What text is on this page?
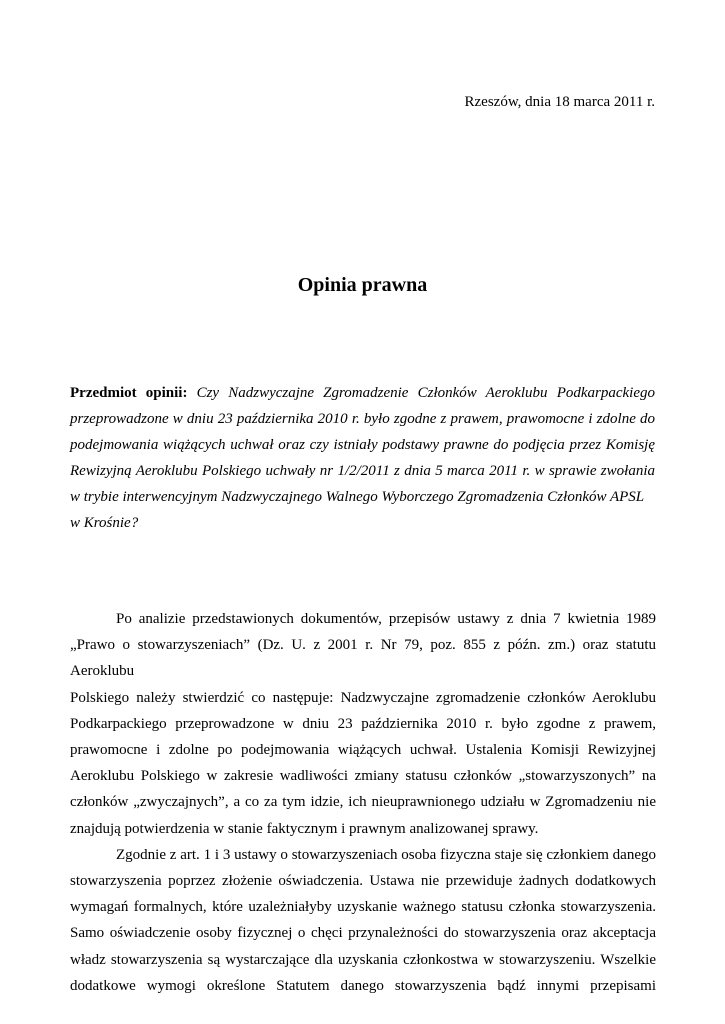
Rzeszów, dnia 18 marca 2011 r.
Opinia prawna
Przedmiot opinii: Czy Nadzwyczajne Zgromadzenie Członków Aeroklubu Podkarpackiego
przeprowadzone w dniu 23 października 2010 r. było zgodne z prawem, prawomocne i zdolne do
podejmowania wiążących uchwał oraz czy istniały podstawy prawne do podjęcia przez Komisję
Rewizyjną Aeroklubu Polskiego uchwały nr 1/2/2011 z dnia 5 marca 2011 r. w sprawie zwołania
w trybie interwencyjnym Nadzwyczajnego Walnego Wyborczego Zgromadzenia Członków APSL
w Krośnie?
Po analizie przedstawionych dokumentów, przepisów ustawy z dnia 7 kwietnia 1989
„Prawo o stowarzyszeniach” (Dz. U. z 2001 r. Nr 79, poz. 855 z późn. zm.) oraz statutu Aeroklubu
Polskiego należy stwierdzić co następuje: Nadzwyczajne zgromadzenie członków Aeroklubu
Podkarpackiego przeprowadzone w dniu 23 października 2010 r. było zgodne z prawem,
prawomocne i zdolne po podejmowania wiążących uchwał. Ustalenia Komisji Rewizyjnej
Aeroklubu Polskiego w zakresie wadliwości zmiany statusu członków „stowarzyszonych” na
członków „zwyczajnych”, a co za tym idzie, ich nieuprawnionego udziału w Zgromadzeniu nie
znajdują potwierdzenia w stanie faktycznym i prawnym analizowanej sprawy.
Zgodnie z art. 1 i 3 ustawy o stowarzyszeniach osoba fizyczna staje się członkiem danego
stowarzyszenia poprzez złożenie oświadczenia. Ustawa nie przewiduje żadnych dodatkowych
wymagań formalnych, które uzależniałyby uzyskanie ważnego statusu członka stowarzyszenia.
Samo oświadczenie osoby fizycznej o chęci przynależności do stowarzyszenia oraz akceptacja
władz stowarzyszenia są wystarczające dla uzyskania członkostwa w stowarzyszeniu. Wszelkie
dodatkowe wymogi określone Statutem danego stowarzyszenia bądź innymi przepisami
